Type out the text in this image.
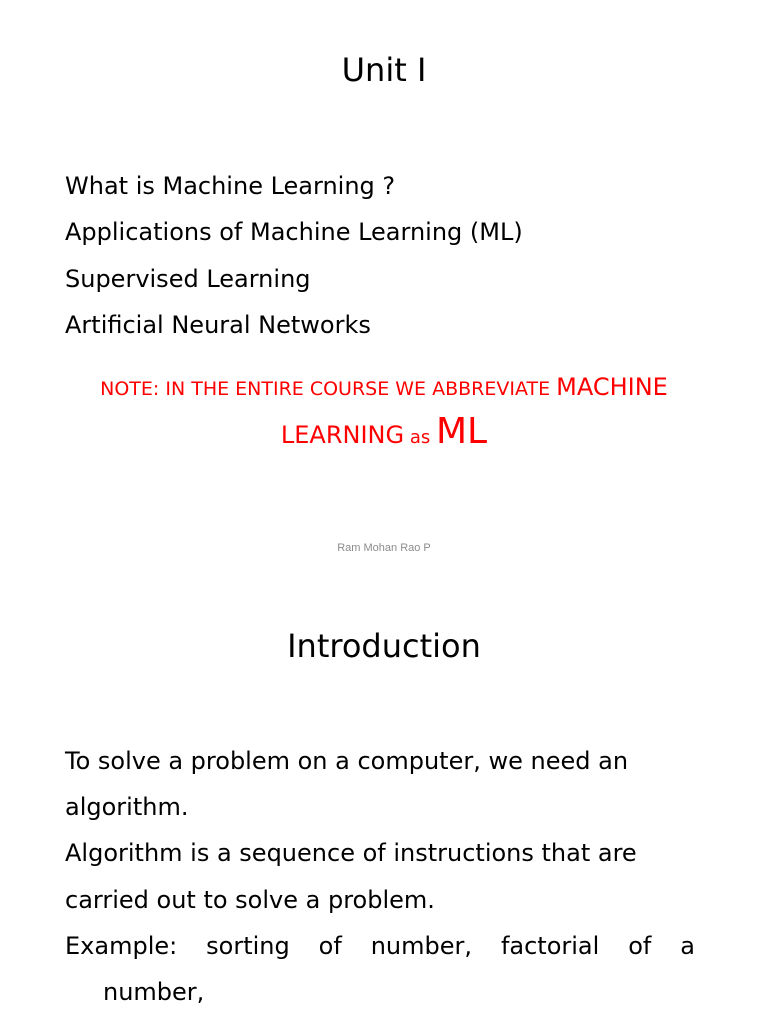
Unit I
What is Machine Learning ?
Applications of Machine Learning (ML)
Supervised Learning
Artificial Neural Networks
NOTE: IN THE ENTIRE COURSE WE ABBREVIATE MACHINE LEARNING as ML
Ram Mohan Rao P
Introduction
To solve a problem on a computer, we need an algorithm.
Algorithm is a sequence of instructions that are carried out to solve a problem.
Example: sorting of number, factorial of a
number,
